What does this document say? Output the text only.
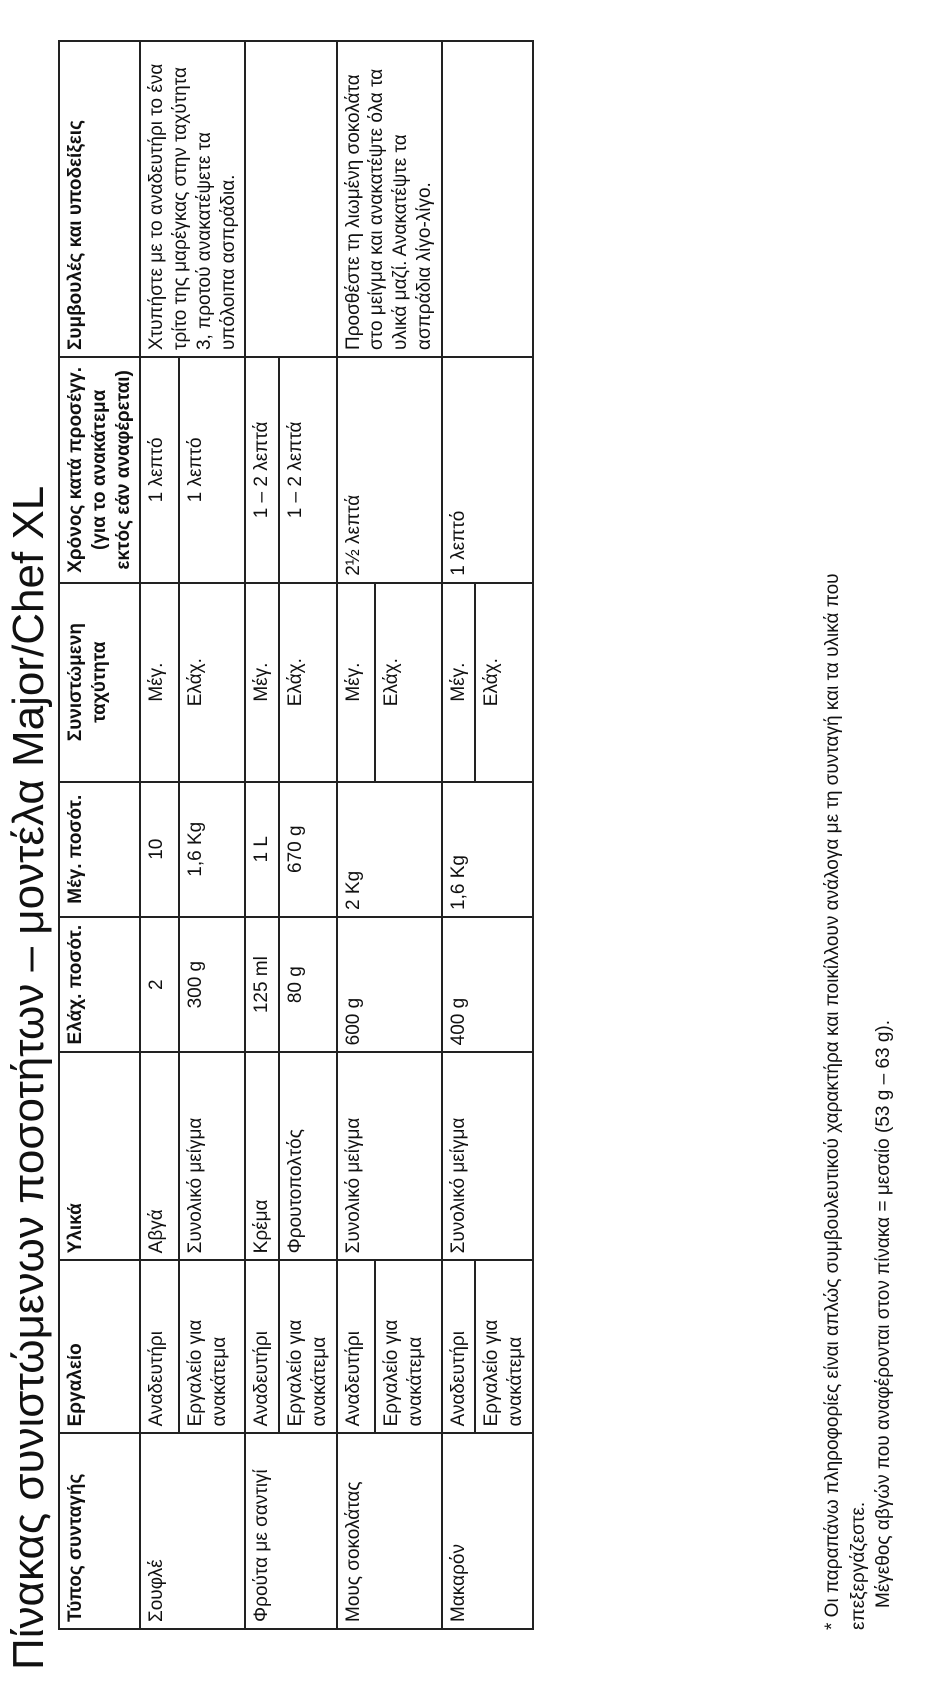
Πίνακας συνιστώμενων ποσοτήτων – μοντέλα Major/Chef XL Τύπος συνταγής	Εργαλείο	Υλικά	Ελάχ. ποσότ.	Μέγ. ποσότ.	Συνιστώμενη ταχύτητα	Χρόνος κατά προσέγγ. (για το ανακάτεμα εκτός εάν αναφέρεται)	Συμβουλές και υποδείξεις
Σουφλέ	Αναδευτήρι	Αβγά	2	10	Μέγ.	1 λεπτό	Χτυπήστε με το αναδευτήρι το ένα τρίτο της μαρέγκας στην ταχύτητα 3, προτού ανακατέψετε τα υπόλοιπα ασπράδια.
	Εργαλείο για ανακάτεμα	Συνολικό μείγμα	300 g	1,6 Kg	Ελάχ.	1 λεπτό	
Φρούτα με σαντιγί	Αναδευτήρι	Κρέμα	125 ml	1 L	Μέγ.	1 – 2 λεπτά	
	Εργαλείο για ανακάτεμα	Φρουτοπολτός	80 g	670 g	Ελάχ.	1 – 2 λεπτά	
Μους σοκολάτας	Αναδευτήρι	Συνολικό μείγμα	600 g	2 Kg	Μέγ.	2½ λεπτά	Προσθέστε τη λιωμένη σοκολάτα στο μείγμα και ανακατέψτε όλα τα υλικά μαζί. Ανακατέψτε τα ασπράδια λίγο-λίγο.
	Εργαλείο για ανακάτεμα				Ελάχ.		
Μακαρόν	Αναδευτήρι	Συνολικό μείγμα	400 g	1,6 Kg	Μέγ.	1 λεπτό	
	Εργαλείο για ανακάτεμα				Ελάχ.			* Οι παραπάνω πληροφορίες είναι απλώς συμβουλευτικού χαρακτήρα και ποικίλλουν ανάλογα με τη συνταγή και τα υλικά που επεξεργάζεστε. Μέγεθος αβγών που αναφέρονται στον πίνακα = μεσαίο (53 g – 63 g).
